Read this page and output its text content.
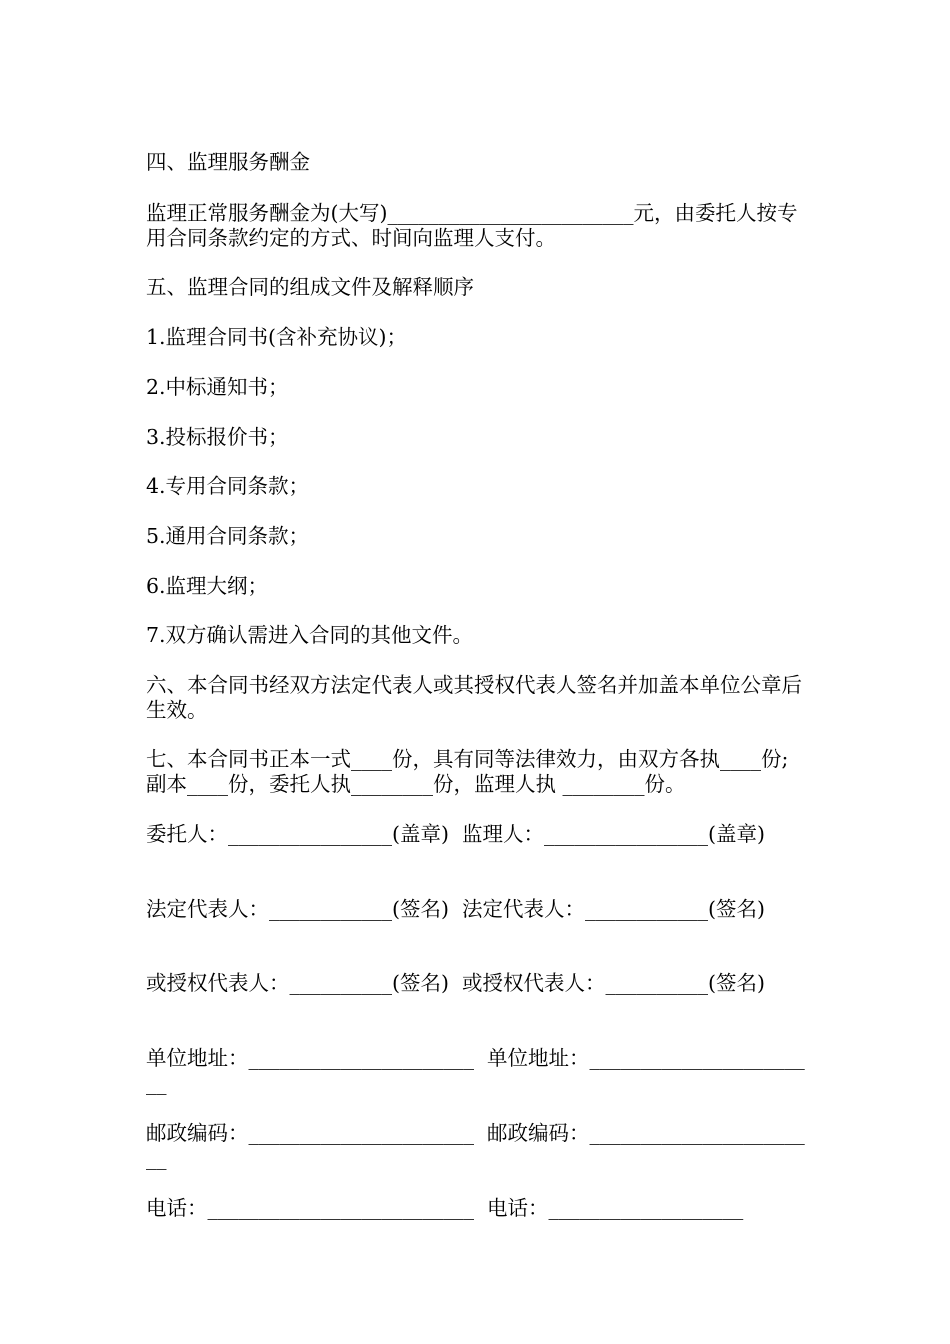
四、监理服务酬金

监理正常服务酬金为(大写)________________________元，由委托人按专用合同条款约定的方式、时间向监理人支付。

五、监理合同的组成文件及解释顺序

1.监理合同书(含补充协议)；

2.中标通知书；

3.投标报价书；

4.专用合同条款；

5.通用合同条款；

6.监理大纲；

7.双方确认需进入合同的其他文件。

六、本合同书经双方法定代表人或其授权代表人签名并加盖本单位公章后生效。

七、本合同书正本一式____份，具有同等法律效力，由双方各执____份;副本____份，委托人执________份，监理人执 ________份。

委托人：________________(盖章)  监理人：________________(盖章)

法定代表人：____________(签名)  法定代表人：____________(签名)

或授权代表人：__________(签名)  或授权代表人：__________(签名)

单位地址：______________________  单位地址：_______________________

邮政编码：______________________  邮政编码：_______________________

电话：__________________________  电话：___________________
